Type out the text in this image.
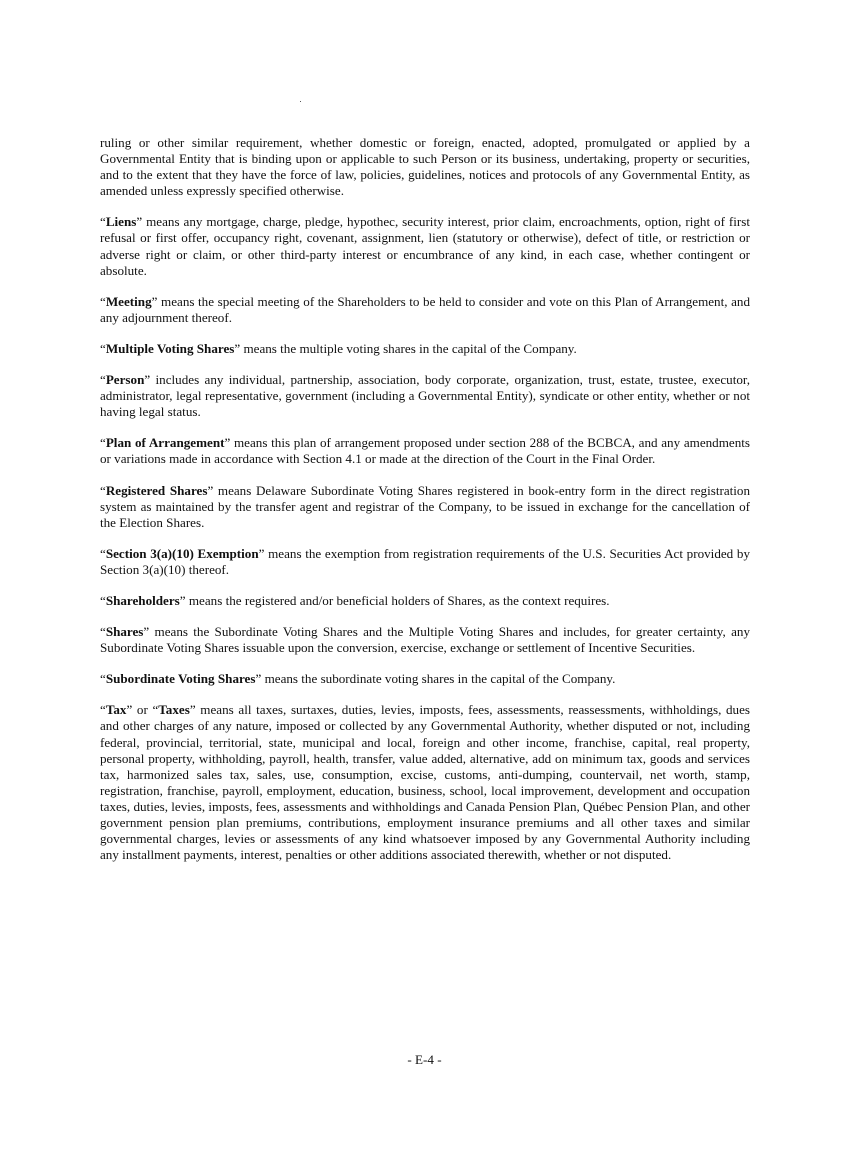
ruling or other similar requirement, whether domestic or foreign, enacted, adopted, promulgated or applied by a Governmental Entity that is binding upon or applicable to such Person or its business, undertaking, property or securities, and to the extent that they have the force of law, policies, guidelines, notices and protocols of any Governmental Entity, as amended unless expressly specified otherwise.

“Liens” means any mortgage, charge, pledge, hypothec, security interest, prior claim, encroachments, option, right of first refusal or first offer, occupancy right, covenant, assignment, lien (statutory or otherwise), defect of title, or restriction or adverse right or claim, or other third-party interest or encumbrance of any kind, in each case, whether contingent or absolute.

“Meeting” means the special meeting of the Shareholders to be held to consider and vote on this Plan of Arrangement, and any adjournment thereof.

“Multiple Voting Shares” means the multiple voting shares in the capital of the Company.

“Person” includes any individual, partnership, association, body corporate, organization, trust, estate, trustee, executor, administrator, legal representative, government (including a Governmental Entity), syndicate or other entity, whether or not having legal status.

“Plan of Arrangement” means this plan of arrangement proposed under section 288 of the BCBCA, and any amendments or variations made in accordance with Section 4.1 or made at the direction of the Court in the Final Order.

“Registered Shares” means Delaware Subordinate Voting Shares registered in book-entry form in the direct registration system as maintained by the transfer agent and registrar of the Company, to be issued in exchange for the cancellation of the Election Shares.

“Section 3(a)(10) Exemption” means the exemption from registration requirements of the U.S. Securities Act provided by Section 3(a)(10) thereof.

“Shareholders” means the registered and/or beneficial holders of Shares, as the context requires.

“Shares” means the Subordinate Voting Shares and the Multiple Voting Shares and includes, for greater certainty, any Subordinate Voting Shares issuable upon the conversion, exercise, exchange or settlement of Incentive Securities.

“Subordinate Voting Shares” means the subordinate voting shares in the capital of the Company.

“Tax” or “Taxes” means all taxes, surtaxes, duties, levies, imposts, fees, assessments, reassessments, withholdings, dues and other charges of any nature, imposed or collected by any Governmental Authority, whether disputed or not, including federal, provincial, territorial, state, municipal and local, foreign and other income, franchise, capital, real property, personal property, withholding, payroll, health, transfer, value added, alternative, add on minimum tax, goods and services tax, harmonized sales tax, sales, use, consumption, excise, customs, anti-dumping, countervail, net worth, stamp, registration, franchise, payroll, employment, education, business, school, local improvement, development and occupation taxes, duties, levies, imposts, fees, assessments and withholdings and Canada Pension Plan, Québec Pension Plan, and other government pension plan premiums, contributions, employment insurance premiums and all other taxes and similar governmental charges, levies or assessments of any kind whatsoever imposed by any Governmental Authority including any installment payments, interest, penalties or other additions associated therewith, whether or not disputed.

- E-4 -
